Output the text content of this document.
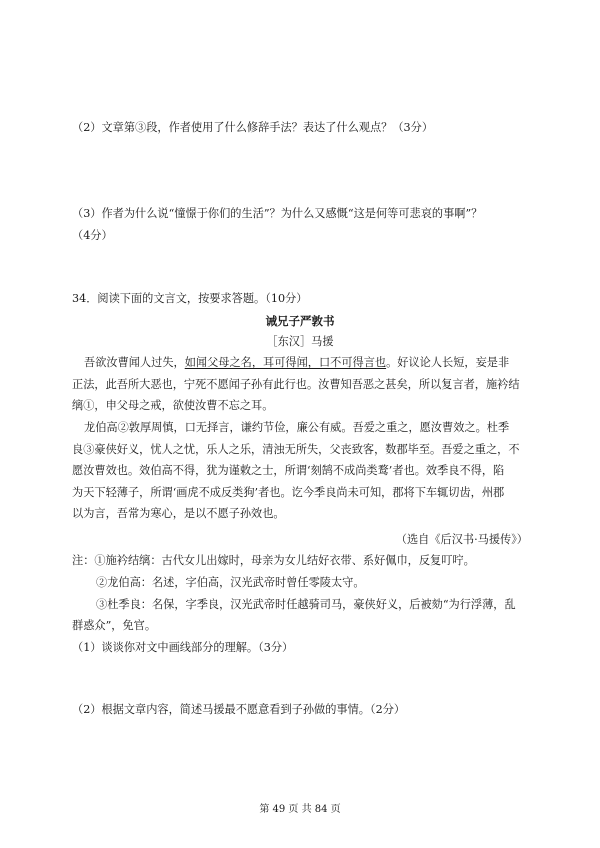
（2）文章第③段，作者使用了什么修辞手法？表达了什么观点？（3分）
（3）作者为什么说“憧憬于你们的生活”？为什么又感慨“这是何等可悲哀的事啊”？
（4分）
34．阅读下面的文言文，按要求答题。（10分）
诫兄子严敦书
［东汉］马援
吾欲汝曹闻人过失，如闻父母之名，耳可得闻，口不可得言也。好议论人长短，妄是非
正法，此吾所大恶也，宁死不愿闻子孙有此行也。汝曹知吾恶之甚矣，所以复言者，施衿结
缡①，申父母之戒，欲使汝曹不忘之耳。
龙伯高②敦厚周慎，口无择言，谦约节俭，廉公有威。吾爱之重之，愿汝曹效之。杜季
良③豪侠好义，忧人之忧，乐人之乐，清浊无所失，父丧致客，数郡毕至。吾爱之重之，不
愿汝曹效也。效伯高不得，犹为谨敕之士，所谓‘刻鹄不成尚类鹜’者也。效季良不得，陷
为天下轻薄子，所谓‘画虎不成反类狗’者也。讫今季良尚未可知，郡将下车辄切齿，州郡
以为言，吾常为寒心，是以不愿子孙效也。
（选自《后汉书·马援传》）
注：①施衿结缡：古代女儿出嫁时，母亲为女儿结好衣带、系好佩巾，反复叮咛。
②龙伯高：名述，字伯高，汉光武帝时曾任零陵太守。
③杜季良：名保，字季良，汉光武帝时任越骑司马，豪侠好义，后被劾“为行浮薄，乱
群惑众”，免官。
（1）谈谈你对文中画线部分的理解。（3分）
（2）根据文章内容，简述马援最不愿意看到子孙做的事情。（2分）
第 49 页 共 84 页
